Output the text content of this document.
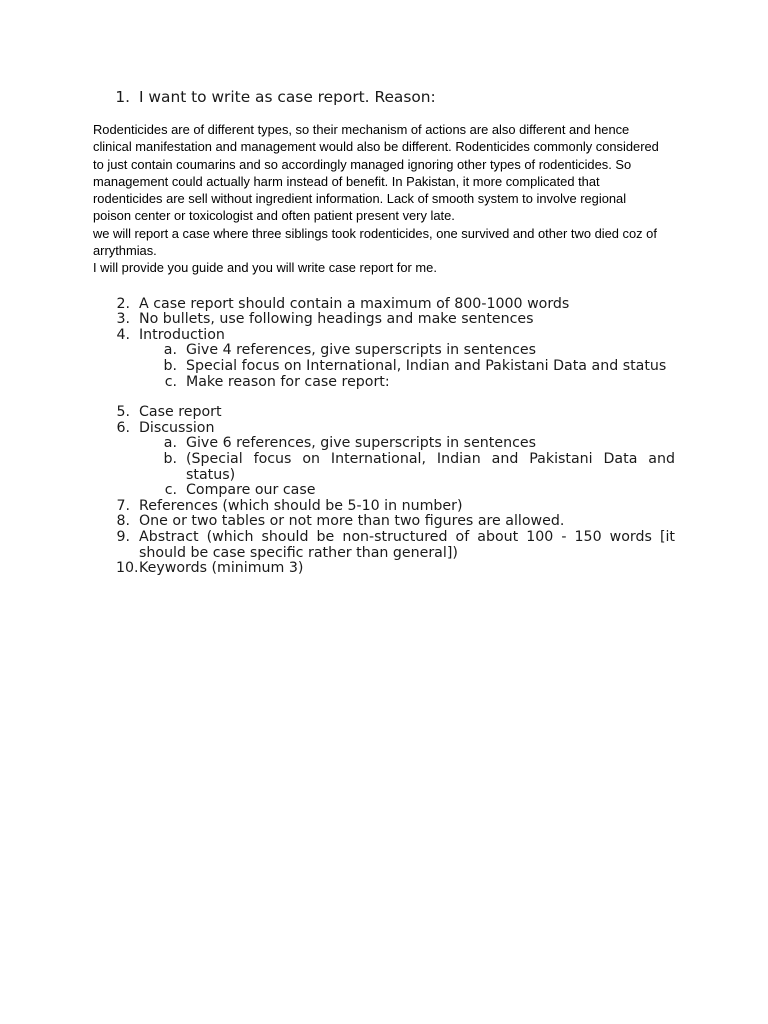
1. I want to write as case report. Reason:
Rodenticides are of different types, so their mechanism of actions are also different and hence
clinical manifestation and management would also be different. Rodenticides commonly considered
to just contain coumarins and so accordingly managed ignoring other types of rodenticides. So
management could actually harm instead of benefit. In Pakistan, it more complicated that
rodenticides are sell without ingredient information. Lack of smooth system to involve regional
poison center or toxicologist and often patient present very late.
we will report a case where three siblings took rodenticides, one survived and other two died coz of
arrythmias.
I will provide you guide and you will write case report for me.
2. A case report should contain a maximum of 800-1000 words
3. No bullets, use following headings and make sentences
4. Introduction
a. Give 4 references, give superscripts in sentences
b. Special focus on International, Indian and Pakistani Data and status
c. Make reason for case report:
5. Case report
6. Discussion
a. Give 6 references, give superscripts in sentences
b. (Special focus on International, Indian and Pakistani Data and status)
c. Compare our case
7. References (which should be 5-10 in number)
8. One or two tables or not more than two figures are allowed.
9. Abstract (which should be non-structured of about 100 - 150 words [it should be case specific rather than general])
10. Keywords (minimum 3)
